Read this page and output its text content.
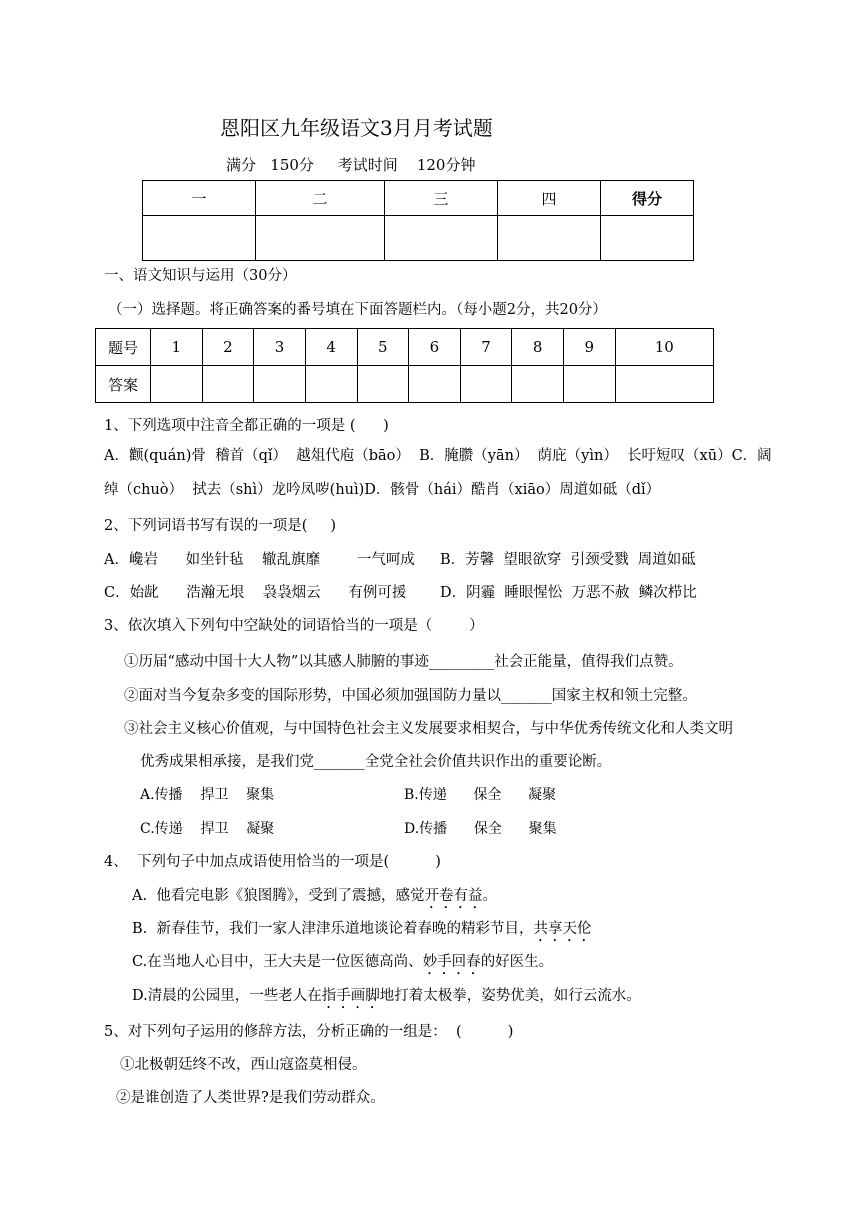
恩阳区九年级语文3月月考试题
满分   150分     考试时间    120分钟
一	二	三	四	得分

一、语文知识与运用（30分）
（一）选择题。将正确答案的番号填在下面答题栏内。（每小题2分，共20分）
题号	1	2	3	4	5	6	7	8	9	10
答案										
1、下列选项中注音全都正确的一项是 (      )
A．颧(quán)骨  稽首（qǐ）  越俎代庖（bāo）  B．腌臜（yān）  荫庇（yìn）  长吁短叹（xū）C．阔
绰（chuò）  拭去（shì）龙吟凤哕(huì)D．骸骨（hái）酷肖（xiāo）周道如砥（dǐ）
2、下列词语书写有误的一项是(     )
A．巉岩      如坐针毡    辙乱旗靡        一气呵成 B．芳馨  望眼欲穿  引颈受戮  周道如砥
C．始龀      浩瀚无垠    袅袅烟云      有例可援 D．阴霾  睡眼惺忪  万恶不赦  鳞次栉比
3、依次填入下列句中空缺处的词语恰当的一项是（        ）
①历届“感动中国十大人物”以其感人肺腑的事迹_________社会正能量，值得我们点赞。
②面对当今复杂多变的国际形势，中国必须加强国防力量以_______国家主权和领土完整。
③社会主义核心价值观，与中国特色社会主义发展要求相契合，与中华优秀传统文化和人类文明
优秀成果相承接，是我们党_______全党全社会价值共识作出的重要论断。
A.传播    捍卫    聚集	B.传递      保全      凝聚
C.传递    捍卫    凝聚	D.传播      保全      聚集
4、  下列句子中加点成语使用恰当的一项是(          )
A.  他看完电影《狼图腾》，受到了震撼，感觉开卷有益。
B.  新春佳节，我们一家人津津乐道地谈论着春晚的精彩节目，共享天伦
C.在当地人心目中，王大夫是一位医德高尚、妙手回春的好医生。
D.清晨的公园里，一些老人在指手画脚地打着太极拳，姿势优美，如行云流水。
5、对下列句子运用的修辞方法，分析正确的一组是：  (          )
①北极朝廷终不改，西山寇盗莫相侵。
②是谁创造了人类世界?是我们劳动群众。
